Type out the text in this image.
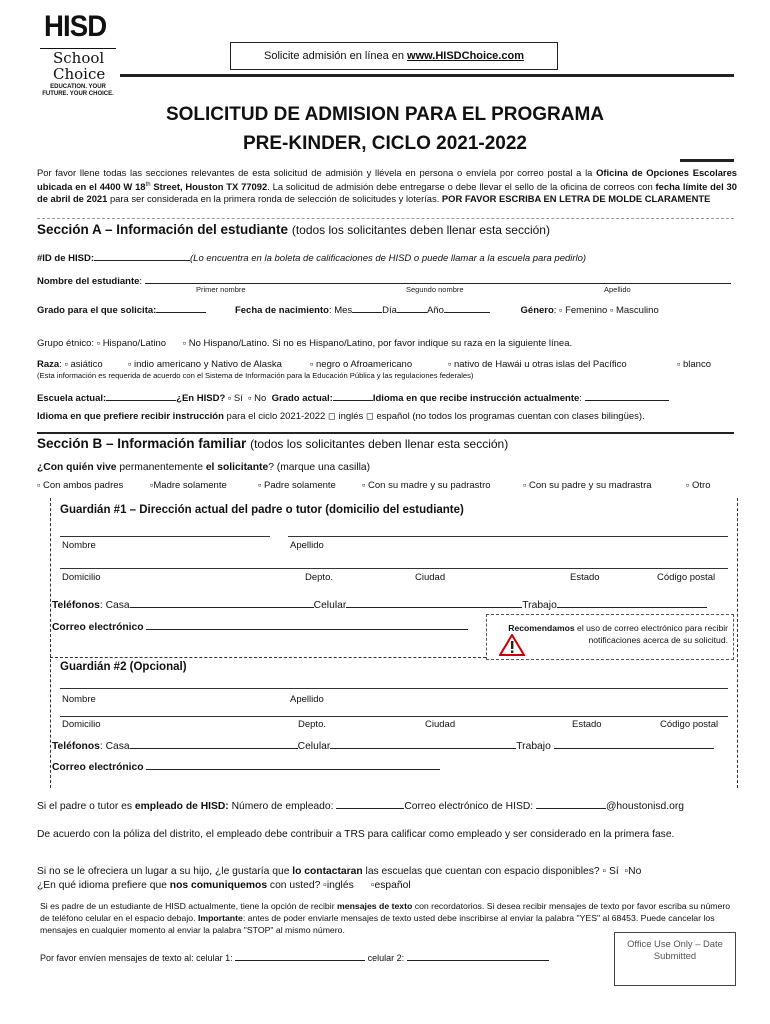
HISD
School
Choice
EDUCATION. YOUR
FUTURE. YOUR CHOICE.
Solicite admisión en línea en www.HISDChoice.com
SOLICITUD DE ADMISION PARA EL PROGRAMA
PRE-KINDER, CICLO 2021-2022
Por favor llene todas las secciones relevantes de esta solicitud de admisión y llévela en persona o envíela por correo postal a la Oficina de Opciones Escolares ubicada en el 4400 W 18th Street, Houston TX 77092. La solicitud de admisión debe entregarse o debe llevar el sello de la oficina de correos con fecha límite del 30 de abril de 2021 para ser considerada en la primera ronda de selección de solicitudes y loterías. POR FAVOR ESCRIBA EN LETRA DE MOLDE CLARAMENTE
Sección A – Información del estudiante (todos los solicitantes deben llenar esta sección)
#ID de HISD:	(Lo encuentra en la boleta de calificaciones de HISD o puede llamar a la escuela para pedirlo)
Nombre del estudiante:
Primer nombre	Segundo nombre	Apellido
Grado para el que solicita:	Fecha de nacimiento: Mes	Día	Año	Género: ▫ Femenino ▫ Masculino
Grupo étnico: ▫ Hispano/Latino ▫ No Hispano/Latino. Si no es Hispano/Latino, por favor indique su raza en la siguiente línea.
Raza: ▫ asiático	▫ indio americano y Nativo de Alaska	▫ negro o Afroamericano	▫ nativo de Hawái u otras islas del Pacífico	▫ blanco
(Esta información es requerida de acuerdo con el Sistema de Información para la Educación Pública y las regulaciones federales)
Escuela actual:	¿En HISD? ▫ Sí ▫ No Grado actual:	Idioma en que recibe instrucción actualmente:
Idioma en que prefiere recibir instrucción para el ciclo 2021-2022 ◻ inglés ◻ español (no todos los programas cuentan con clases bilingües).
Sección B – Información familiar (todos los solicitantes deben llenar esta sección)
¿Con quién vive permanentemente el solicitante? (marque una casilla)
▫ Con ambos padres	▫Madre solamente	▫ Padre solamente	▫ Con su madre y su padrastro	▫ Con su padre y su madrastra	▫ Otro
Guardián #1 – Dirección actual del padre o tutor (domicilio del estudiante)
Nombre	Apellido
Domicilio	Depto.	Ciudad	Estado	Código postal
Teléfonos: Casa	Celular	Trabajo
Correo electrónico	Recomendamos el uso de correo electrónico para recibir notificaciones acerca de su solicitud.
Guardián #2 (Opcional)
Nombre	Apellido
Domicilio	Depto.	Ciudad	Estado	Código postal
Teléfonos: Casa	Celular	Trabajo
Correo electrónico
Si el padre o tutor es empleado de HISD: Número de empleado:	Correo electrónico de HISD:	@houstonisd.org
De acuerdo con la póliza del distrito, el empleado debe contribuir a TRS para calificar como empleado y ser considerado en la primera fase.
Si no se le ofreciera un lugar a su hijo, ¿le gustaría que lo contactaran las escuelas que cuentan con espacio disponibles? ▫ Sí ▫No
¿En qué idioma prefiere que nos comuniquemos con usted? ▫inglés ▫español
Si es padre de un estudiante de HISD actualmente, tiene la opción de recibir mensajes de texto con recordatorios. Si desea recibir mensajes de texto por favor escriba su número de teléfono celular en el espacio debajo. Importante: antes de poder enviarle mensajes de texto usted debe inscribirse al enviar la palabra "YES" al 68453. Puede cancelar los mensajes en cualquier momento al enviar la palabra "STOP" al mismo número.
Por favor envíen mensajes de texto al: celular 1:	celular 2:
Office Use Only – Date Submitted
